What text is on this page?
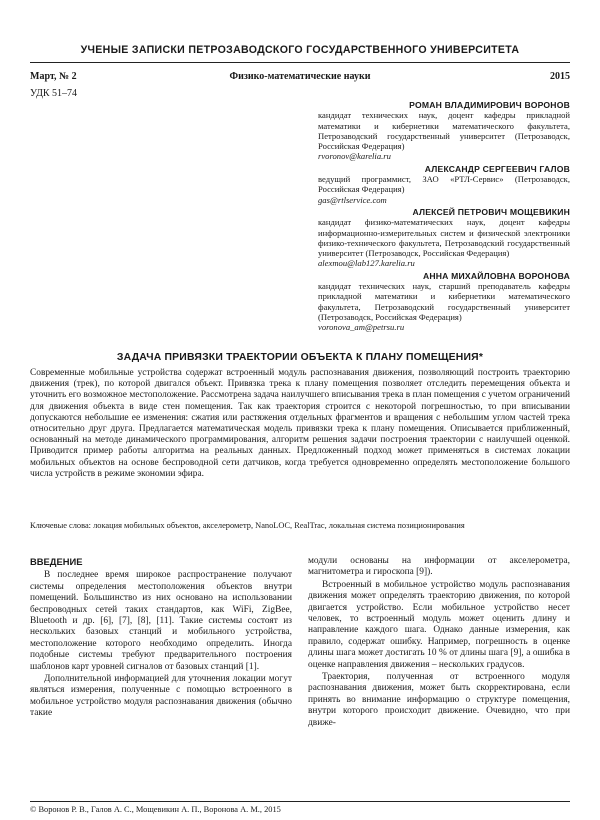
УЧЕНЫЕ ЗАПИСКИ ПЕТРОЗАВОДСКОГО ГОСУДАРСТВЕННОГО УНИВЕРСИТЕТА
Март, № 2	Физико-математические науки	2015
УДК 51–74
РОМАН ВЛАДИМИРОВИЧ ВОРОНОВ
кандидат технических наук, доцент кафедры прикладной математики и кибернетики математического факультета, Петрозаводский государственный университет (Петрозаводск, Российская Федерация)
rvoronov@karelia.ru
АЛЕКСАНДР СЕРГЕЕВИЧ ГАЛОВ
ведущий программист, ЗАО «РТЛ-Сервис» (Петрозаводск, Российская Федерация)
gas@rtlservice.com
АЛЕКСЕЙ ПЕТРОВИЧ МОЩЕВИКИН
кандидат физико-математических наук, доцент кафедры информационно-измерительных систем и физической электроники физико-технического факультета, Петрозаводский государственный университет (Петрозаводск, Российская Федерация)
alexmou@lab127.karelia.ru
АННА МИХАЙЛОВНА ВОРОНОВА
кандидат технических наук, старший преподаватель кафедры прикладной математики и кибернетики математического факультета, Петрозаводский государственный университет (Петрозаводск, Российская Федерация)
voronova_am@petrsu.ru
ЗАДАЧА ПРИВЯЗКИ ТРАЕКТОРИИ ОБЪЕКТА К ПЛАНУ ПОМЕЩЕНИЯ*
Современные мобильные устройства содержат встроенный модуль распознавания движения, позволяющий построить траекторию движения (трек), по которой двигался объект. Привязка трека к плану помещения позволяет отследить перемещения объекта и уточнить его возможное местоположение. Рассмотрена задача наилучшего вписывания трека в план помещения с учетом ограничений для движения объекта в виде стен помещения. Так как траектория строится с некоторой погрешностью, то при вписывании допускаются небольшие ее изменения: сжатия или растяжения отдельных фрагментов и вращения с небольшим углом частей трека относительно друг друга. Предлагается математическая модель привязки трека к плану помещения. Описывается приближенный, основанный на методе динамического программирования, алгоритм решения задачи построения траектории с наилучшей оценкой. Приводится пример работы алгоритма на реальных данных. Предложенный подход может применяться в системах локации мобильных объектов на основе беспроводной сети датчиков, когда требуется одновременно определять местоположение большого числа устройств в режиме экономии эфира.
Ключевые слова: локация мобильных объектов, акселерометр, NanoLOC, RealTrac, локальная система позиционирования
ВВЕДЕНИЕ

В последнее время широкое распространение получают системы определения местоположения объектов внутри помещений. Большинство из них основано на использовании беспроводных сетей таких стандартов, как WiFi, ZigBee, Bluetooth и др. [6], [7], [8], [11]. Такие системы состоят из нескольких базовых станций и мобильного устройства, местоположение которого необходимо определить. Иногда подобные системы требуют предварительного построения шаблонов карт уровней сигналов от базовых станций [1].

Дополнительной информацией для уточнения локации могут являться измерения, полученные с помощью встроенного в мобильное устройство модуля распознавания движения (обычно такие

модули основаны на информации от акселерометра, магнитометра и гироскопа [9]).

Встроенный в мобильное устройство модуль распознавания движения может определять траекторию движения, по которой двигается устройство. Если мобильное устройство несет человек, то встроенный модуль может оценить длину и направление каждого шага. Однако данные измерения, как правило, содержат ошибку. Например, погрешность в оценке длины шага может достигать 10 % от длины шага [9], а ошибка в оценке направления движения – нескольких градусов.

Траектория, полученная от встроенного модуля распознавания движения, может быть скорректирована, если принять во внимание информацию о структуре помещения, внутри которого происходит движение. Очевидно, что при движе-

© Воронов Р. В., Галов А. С., Мощевикин А. П., Воронова А. М., 2015
